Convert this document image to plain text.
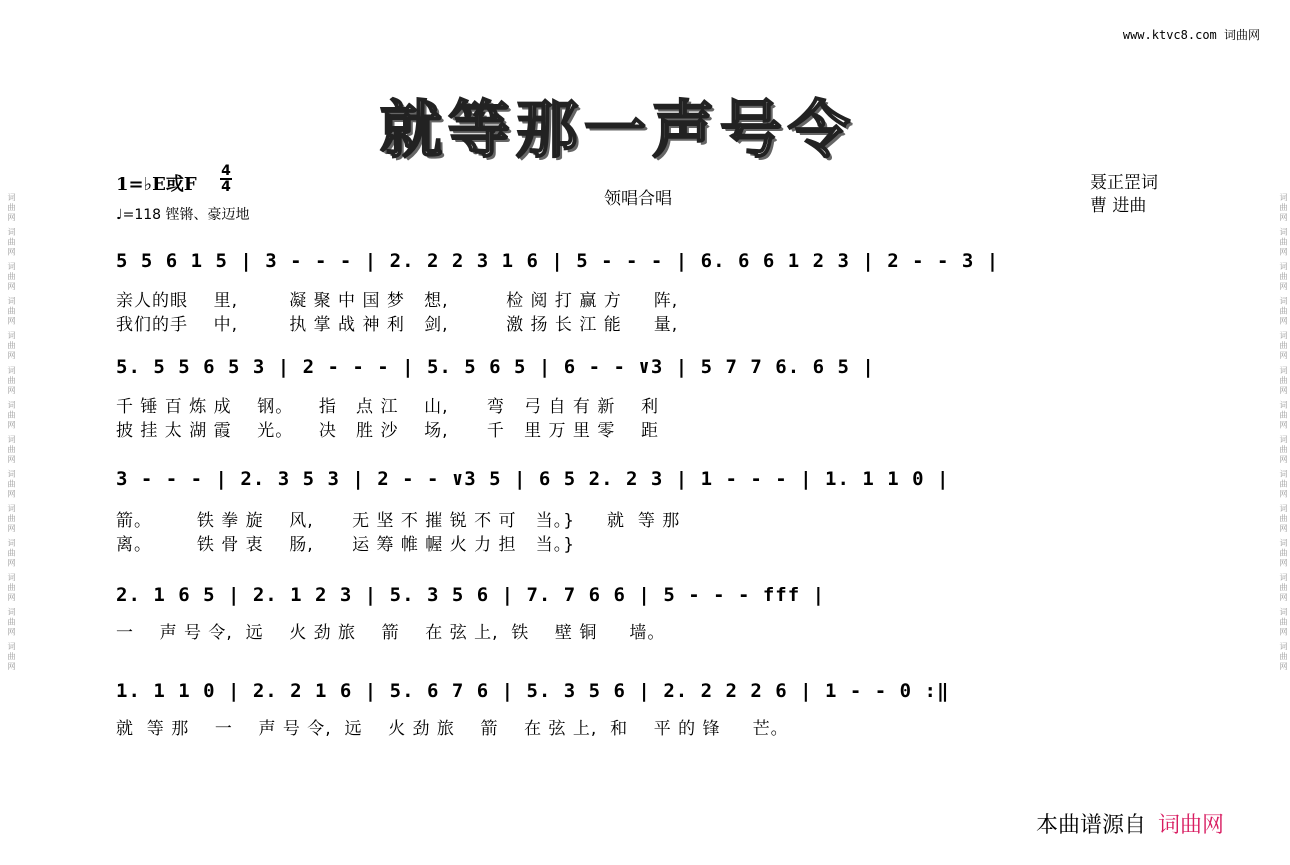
词曲网 词曲网 词曲网 词曲网 词曲网 词曲网 词曲网 词曲网 词曲网 词曲网 词曲网 词曲网 词曲网 词曲网	词曲网 词曲网 词曲网 词曲网 词曲网 词曲网 词曲网 词曲网 词曲网 词曲网 词曲网 词曲网 词曲网 词曲网
www.ktvc8.com 词曲网
就等那一声号令
1=♭E或F
4
4
♩=118 铿锵、豪迈地
领唱合唱
聂正罡词
曹 进曲
5 5 6 1 5 | 3 - - - | 2. 2 2 3 1 6 | 5 - - - | 6. 6 6 1 2 3 | 2 - - 3 |
亲人的眼    里,        凝 聚 中 国 梦   想,         检 阅 打 赢 方     阵,
我们的手    中,        执 掌 战 神 利   剑,         激 扬 长 江 能     量,
5. 5 5 6 5 3 | 2 - - - | 5. 5 6 5 | 6 - - ∨3 | 5 7 7 6. 6 5 |
千 锤 百 炼 成    钢。    指   点 江    山,      弯   弓 自 有 新    利
披 挂 太 湖 霞    光。    决   胜 沙    场,      千   里 万 里 零    距
3 - - - | 2. 3 5 3 | 2 - - ∨3 5 | 6 5 2. 2 3 | 1 - - - | 1. 1 1 0 |
箭。       铁 拳 旋    风,      无 坚 不 摧 锐 不 可   当。}     就  等 那
离。       铁 骨 衷    肠,      运 筹 帷 幄 火 力 担   当。}
2. 1 6 5 | 2. 1 2 3 | 5. 3 5 6 | 7. 7 6 6 | 5 - - - fff |
一    声 号 令,  远    火 劲 旅    箭    在 弦 上,  铁    壁 铜     墙。
1. 1 1 0 | 2. 2 1 6 | 5. 6 7 6 | 5. 3 5 6 | 2. 2 2 2 6 | 1 - - 0 :‖
就  等 那    一    声 号 令,  远    火 劲 旅    箭    在 弦 上,  和    平 的 锋     芒。
本曲谱源自 词曲网
